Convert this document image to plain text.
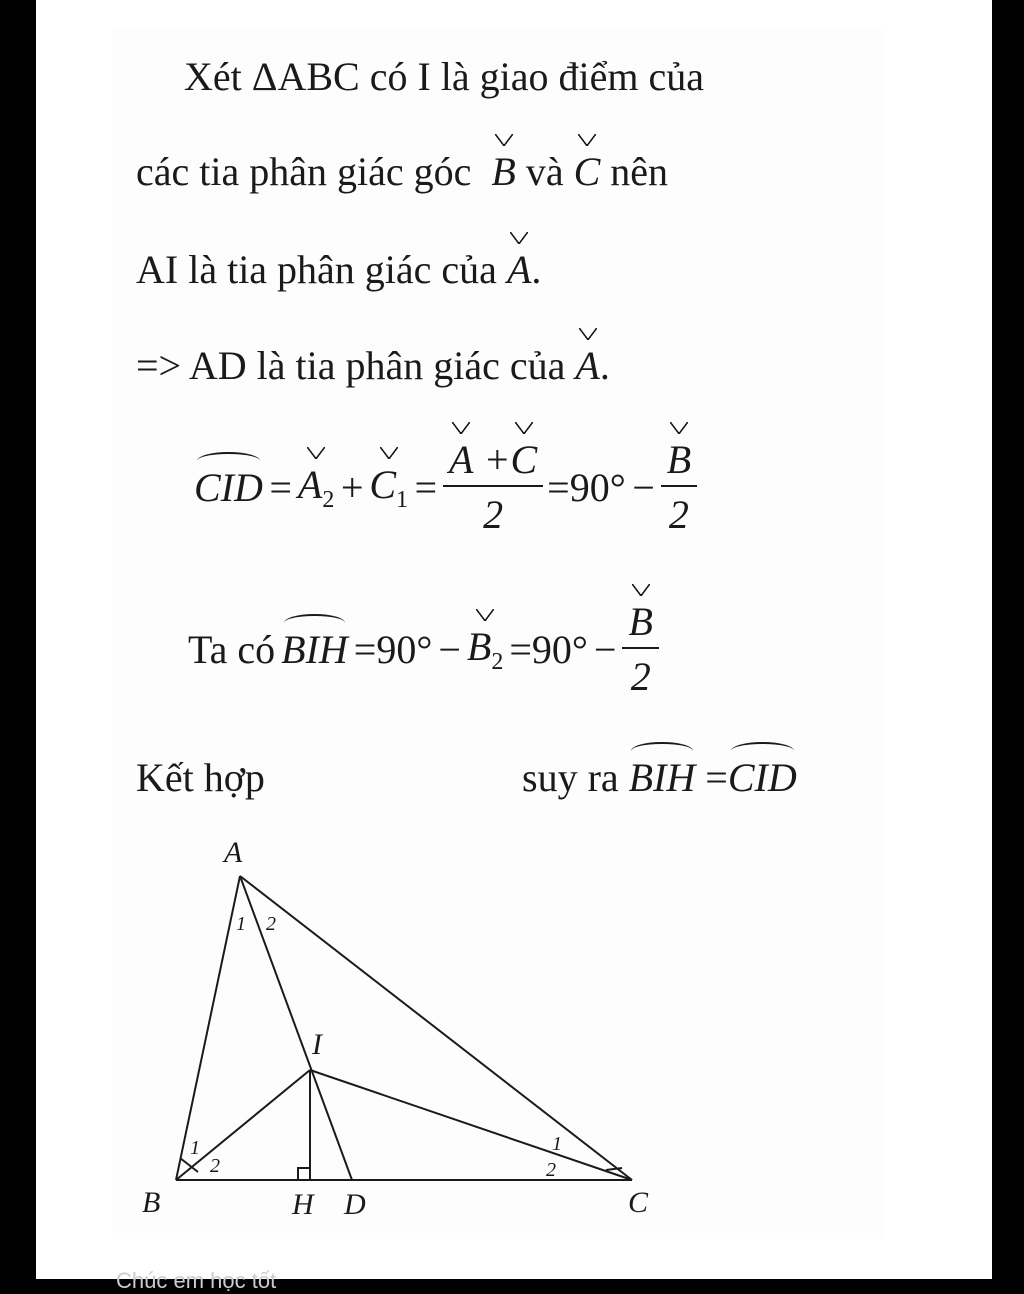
Xét ΔABC có I là giao điểm của
các tia phân giác góc B và C nên
AI là tia phân giác của A.
=> AD là tia phân giác của A.
CID = $A_2 + C_1 = \frac{A +C}{2} =90^\circ - \frac{B}{2}$
Ta có BIH $=90^\circ - B_2 =90^\circ - \frac{B}{2}$
Kết hợp	suy ra BIH =CID
A
B	C
H D
I
1 2
1
2
1
2
Chúc em học tốt
